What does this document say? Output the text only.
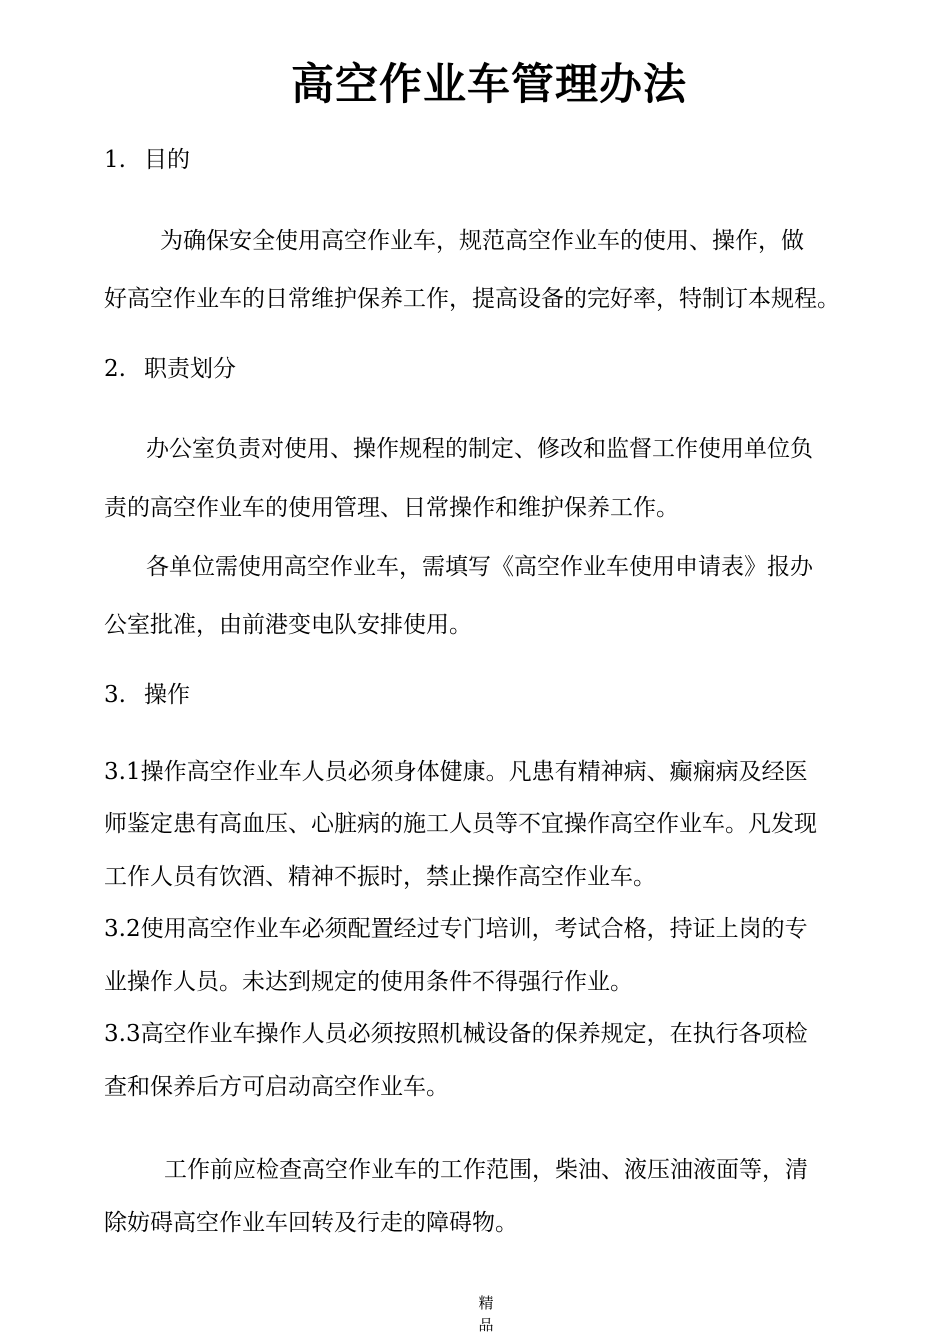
高空作业车管理办法
1. 目的
为确保安全使用高空作业车，规范高空作业车的使用、操作，做
好高空作业车的日常维护保养工作，提高设备的完好率，特制订本规程。
2. 职责划分
办公室负责对使用、操作规程的制定、修改和监督工作使用单位负
责的高空作业车的使用管理、日常操作和维护保养工作。
各单位需使用高空作业车，需填写《高空作业车使用申请表》报办
公室批准，由前港变电队安排使用。
3. 操作
3.1操作高空作业车人员必须身体健康。凡患有精神病、癫痫病及经医
师鉴定患有高血压、心脏病的施工人员等不宜操作高空作业车。凡发现
工作人员有饮酒、精神不振时，禁止操作高空作业车。
3.2使用高空作业车必须配置经过专门培训，考试合格，持证上岗的专
业操作人员。未达到规定的使用条件不得强行作业。
3.3高空作业车操作人员必须按照机械设备的保养规定，在执行各项检
查和保养后方可启动高空作业车。
工作前应检查高空作业车的工作范围，柴油、液压油液面等，清
除妨碍高空作业车回转及行走的障碍物。
精
品
